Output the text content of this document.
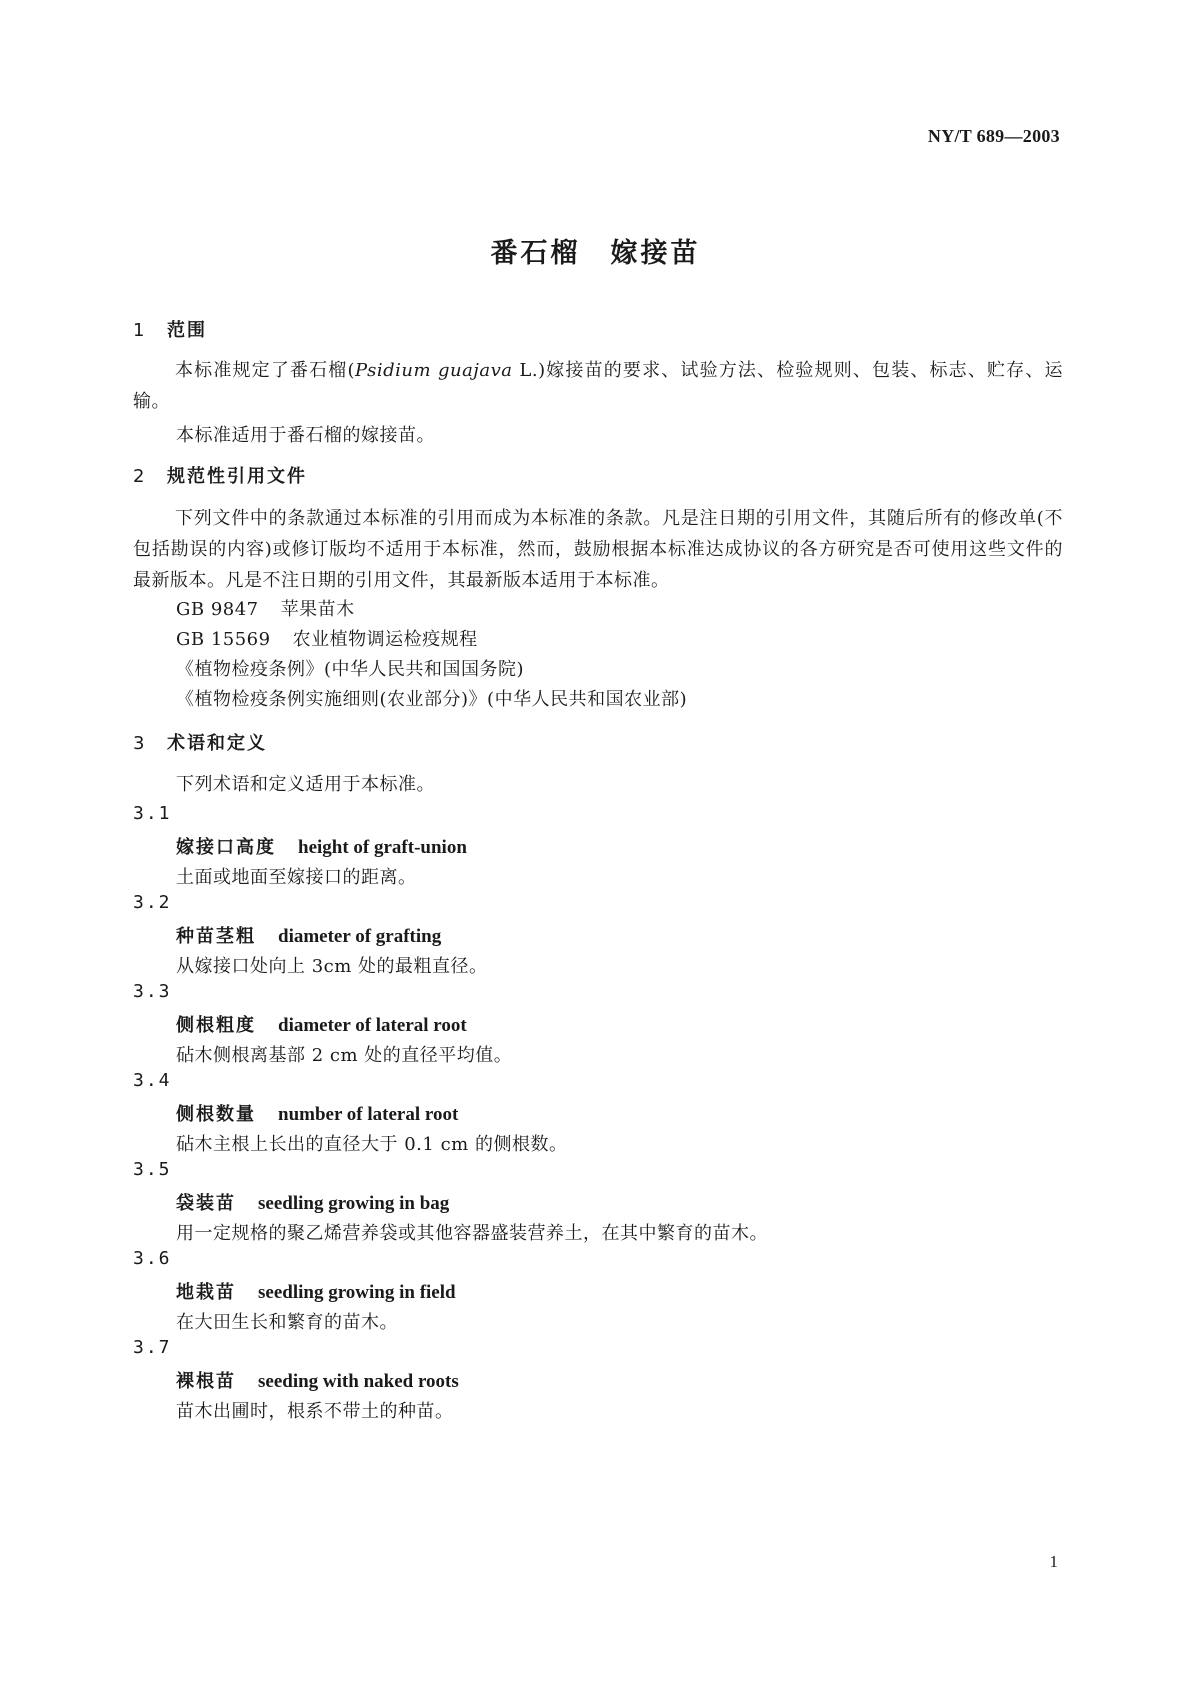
NY/T 689—2003
番石榴 嫁接苗
1 范围
本标准规定了番石榴(Psidium guajava L.)嫁接苗的要求、试验方法、检验规则、包装、标志、贮存、运输。
本标准适用于番石榴的嫁接苗。
2 规范性引用文件
下列文件中的条款通过本标准的引用而成为本标准的条款。凡是注日期的引用文件，其随后所有的修改单(不包括勘误的内容)或修订版均不适用于本标准，然而，鼓励根据本标准达成协议的各方研究是否可使用这些文件的最新版本。凡是不注日期的引用文件，其最新版本适用于本标准。
GB 9847 苹果苗木
GB 15569 农业植物调运检疫规程
《植物检疫条例》(中华人民共和国国务院)
《植物检疫条例实施细则(农业部分)》(中华人民共和国农业部)
3 术语和定义
下列术语和定义适用于本标准。
3.1
嫁接口高度 height of graft-union
土面或地面至嫁接口的距离。
3.2
种苗茎粗 diameter of grafting
从嫁接口处向上 3cm 处的最粗直径。
3.3
侧根粗度 diameter of lateral root
砧木侧根离基部 2 cm 处的直径平均值。
3.4
侧根数量 number of lateral root
砧木主根上长出的直径大于 0.1 cm 的侧根数。
3.5
袋装苗 seedling growing in bag
用一定规格的聚乙烯营养袋或其他容器盛装营养土，在其中繁育的苗木。
3.6
地栽苗 seedling growing in field
在大田生长和繁育的苗木。
3.7
裸根苗 seeding with naked roots
苗木出圃时，根系不带土的种苗。
1
